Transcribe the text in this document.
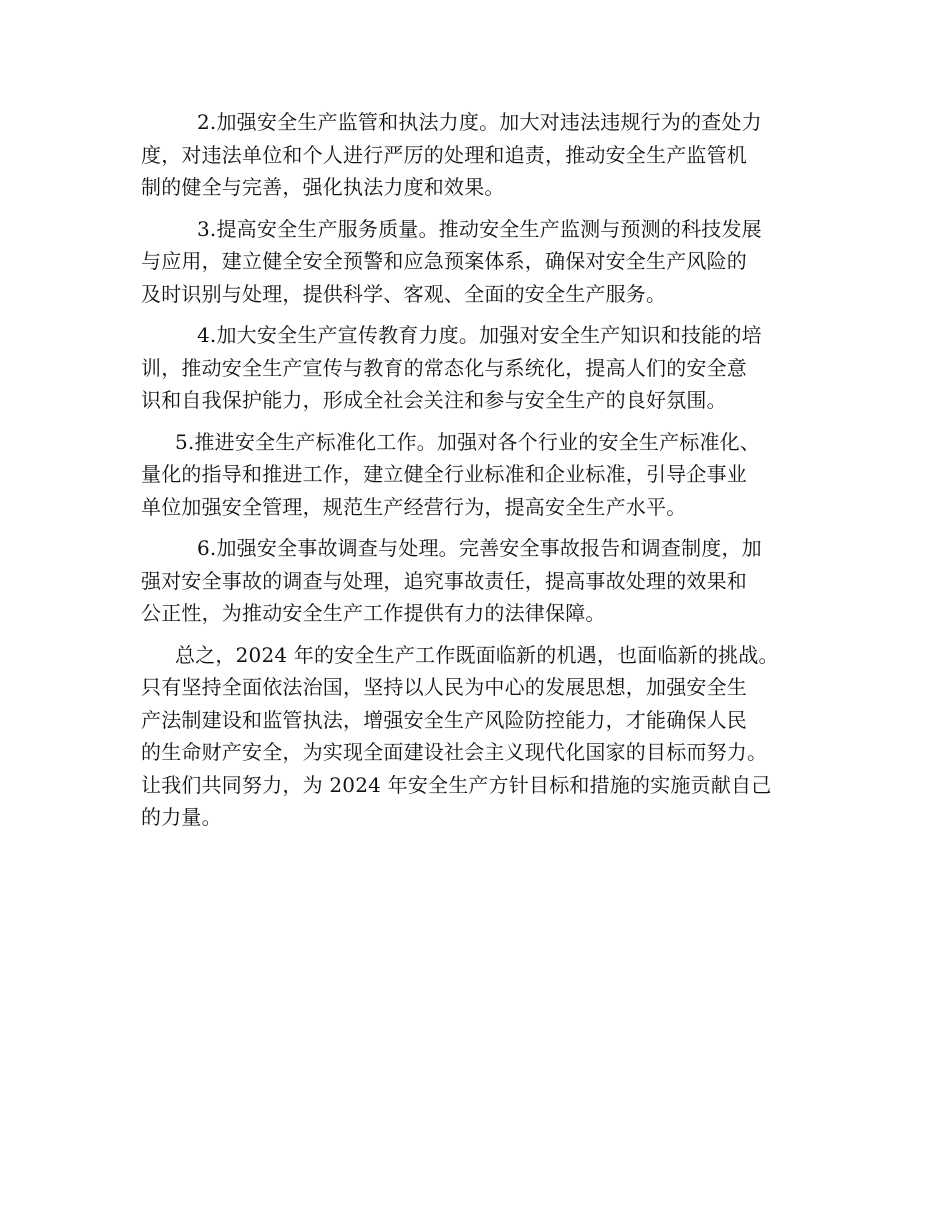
2.加强安全生产监管和执法力度。加大对违法违规行为的查处力
度，对违法单位和个人进行严厉的处理和追责，推动安全生产监管机
制的健全与完善，强化执法力度和效果。

3.提高安全生产服务质量。推动安全生产监测与预测的科技发展
与应用，建立健全安全预警和应急预案体系，确保对安全生产风险的
及时识别与处理，提供科学、客观、全面的安全生产服务。

4.加大安全生产宣传教育力度。加强对安全生产知识和技能的培
训，推动安全生产宣传与教育的常态化与系统化，提高人们的安全意
识和自我保护能力，形成全社会关注和参与安全生产的良好氛围。

5.推进安全生产标准化工作。加强对各个行业的安全生产标准化、
量化的指导和推进工作，建立健全行业标准和企业标准，引导企事业
单位加强安全管理，规范生产经营行为，提高安全生产水平。

6.加强安全事故调查与处理。完善安全事故报告和调查制度，加
强对安全事故的调查与处理，追究事故责任，提高事故处理的效果和
公正性，为推动安全生产工作提供有力的法律保障。

总之，2024 年的安全生产工作既面临新的机遇，也面临新的挑战。
只有坚持全面依法治国，坚持以人民为中心的发展思想，加强安全生
产法制建设和监管执法，增强安全生产风险防控能力，才能确保人民
的生命财产安全，为实现全面建设社会主义现代化国家的目标而努力。
让我们共同努力，为 2024 年安全生产方针目标和措施的实施贡献自己
的力量。
